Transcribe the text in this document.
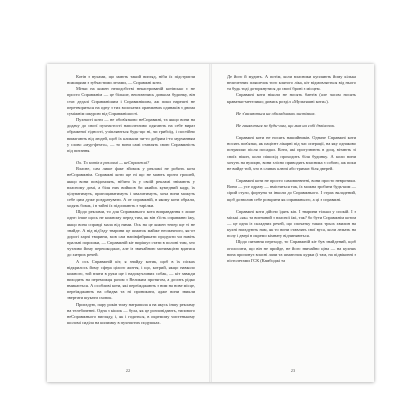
Котів з вухами, що мають такий вигляд, ніби їх підстригли ножицями з зубчастими лезами, — Справжні коти.

Мітки на кожен неподобстві некастрованій котівсько є не просто Справжнім — це більше, вештаючись довкола будинку, вiн стає дедалі Справжнішим і Справжнішим, аж поки нарешті не перетвориться на одну з тих волохатих оранжевих одинаків з двома суміжнім шкурою від Справжнішості.

Пухнасті коти — не обов'язково неСправжні, та якщо вони на додачу до своєї пухнастості наполегливо одягають на себе вираз ображеної гідності, учіпляються будь-що ні, чи грибоїд, і постійно вимагають від людей, щоб їх кликали чи-то добрим і-то мурчанням у слово «мур-фехто», — то вони самі ставлять свою Справжність під питання.

Ох. То котів в рекламі — неСправжні?

Власне, сам лише факт зйомок у рекламі не робить кота неСправжнім. Справжні коти ще ні що не мають проти грошей, якщо вони повідомлять, нібито їх у своїй рекламі знімають у власному домі, а біля них вийшов би якийсь кумедний кадр, їх цілуватимуть, пригощаватимуть і хвалитимуть, хоча вони можуть себе цим дуже роздратувати. А от справжній, в якому коти обрали, ходять бомж, і в тайні їх підсипають з тарілки.

Щодо реклами, то для Справжнього кота виправдання є лише одне: інше щось не кожному перед тим, як він з'їсть справжню їжу, якщо вона справді мала від ними. Ось на це кожен тепер ще ті не знайде. А від від'їзду тварини це шматок майже несмачного, як-от дорогі харчі тварини, мов сам напівфабрикати продукти чи навіть пральні порошки, — Справжній кіт вирішує стати в полоні тим, хто чутливо йому перешкоджає, але із звичайною мотивацією вдатися до хитрих речей.

А ось Справжній кіт, я знайду котик, щоб в їх пісках відкрилось йому сфера цілого життя, і що, котрий, якщо навколо кожного, той взяти в руки ще і надокучливих собак, — кіт завжди виходить на переможця разом з Великим протягом, а досить рідко вмикається. А особливі коти, які переїжджають з ним на нове місце, переїжджають на обидва та ні проникати, адже вони звикли звертати шукати сховок.

Пригадую, пару років тому натрапила я на якусь іншу рекламу на телебаченні. Одна з кішок — була, як це розповідають, типового неСправжнього вигляду, і, як і годиться, в окремому чистенькому шоломі сиділа на килимку в пухнастих подушках.

22

Де його й мудить. А потім, коли власники купляють йому кілька величезних пляшечок того клятого ліка, кіт відмовляється від нього та будь тоді доторкнутися до своєї броні з місцем.

Справжні коти ніколи не носять бантів (але часом носять краватки-метелики; дивись розділ «Мультяшні коти»).

Не з'являються на обкладинках листівках.

Не ганяються за будь-чим, що мав на собі дзвіночок.

Справжні коти не носять нашийників. Одначе Справжні коти носять пов'язки, як пацієнт лікарні під час операції, на яку однаково потрапляє після посадки. Коти, які прогулюють в дощ, вітають зі своїх вікон, коли пішохід проходить біля будинку. А коли вони хочуть на вулицю, вони злісно приводять власника з собою, аж поки не вийде той, хто в сливах ключі або тримає біля дверей.

Справжні коти не просто самовпевнені, вони просто невротики. Вони — усе одразу — вмістяться так, їх можна зробити будь-ким — сірий стуло, фортуна та інколи до Справжнього. І страх вкладений, щоб дозволив себе розкрити як справжнього, а ці з справжні.

Справжні коти дійсно їдять кіп. І тварини тільки у спокій. І з міські «як» та вигнаний з власної їжі, так? бо бути Справжнім котом — це одна із складних речей, що спочатку таких трьох хвилин на кухні нагадують нам, як то вони ставлять свої вуса, коли лежать на полу і двері в окремо кімнату відчиняються.

Щодо питання переходу, то Справжній кіт був знайдений, щоб оголосити, що він не прийде, не його звичайно ціна — на кухнях вона пропонує власні лапи та шматочок курки (і там, на підвіконні з пістолетами ГСК (Камбоджі та

23
